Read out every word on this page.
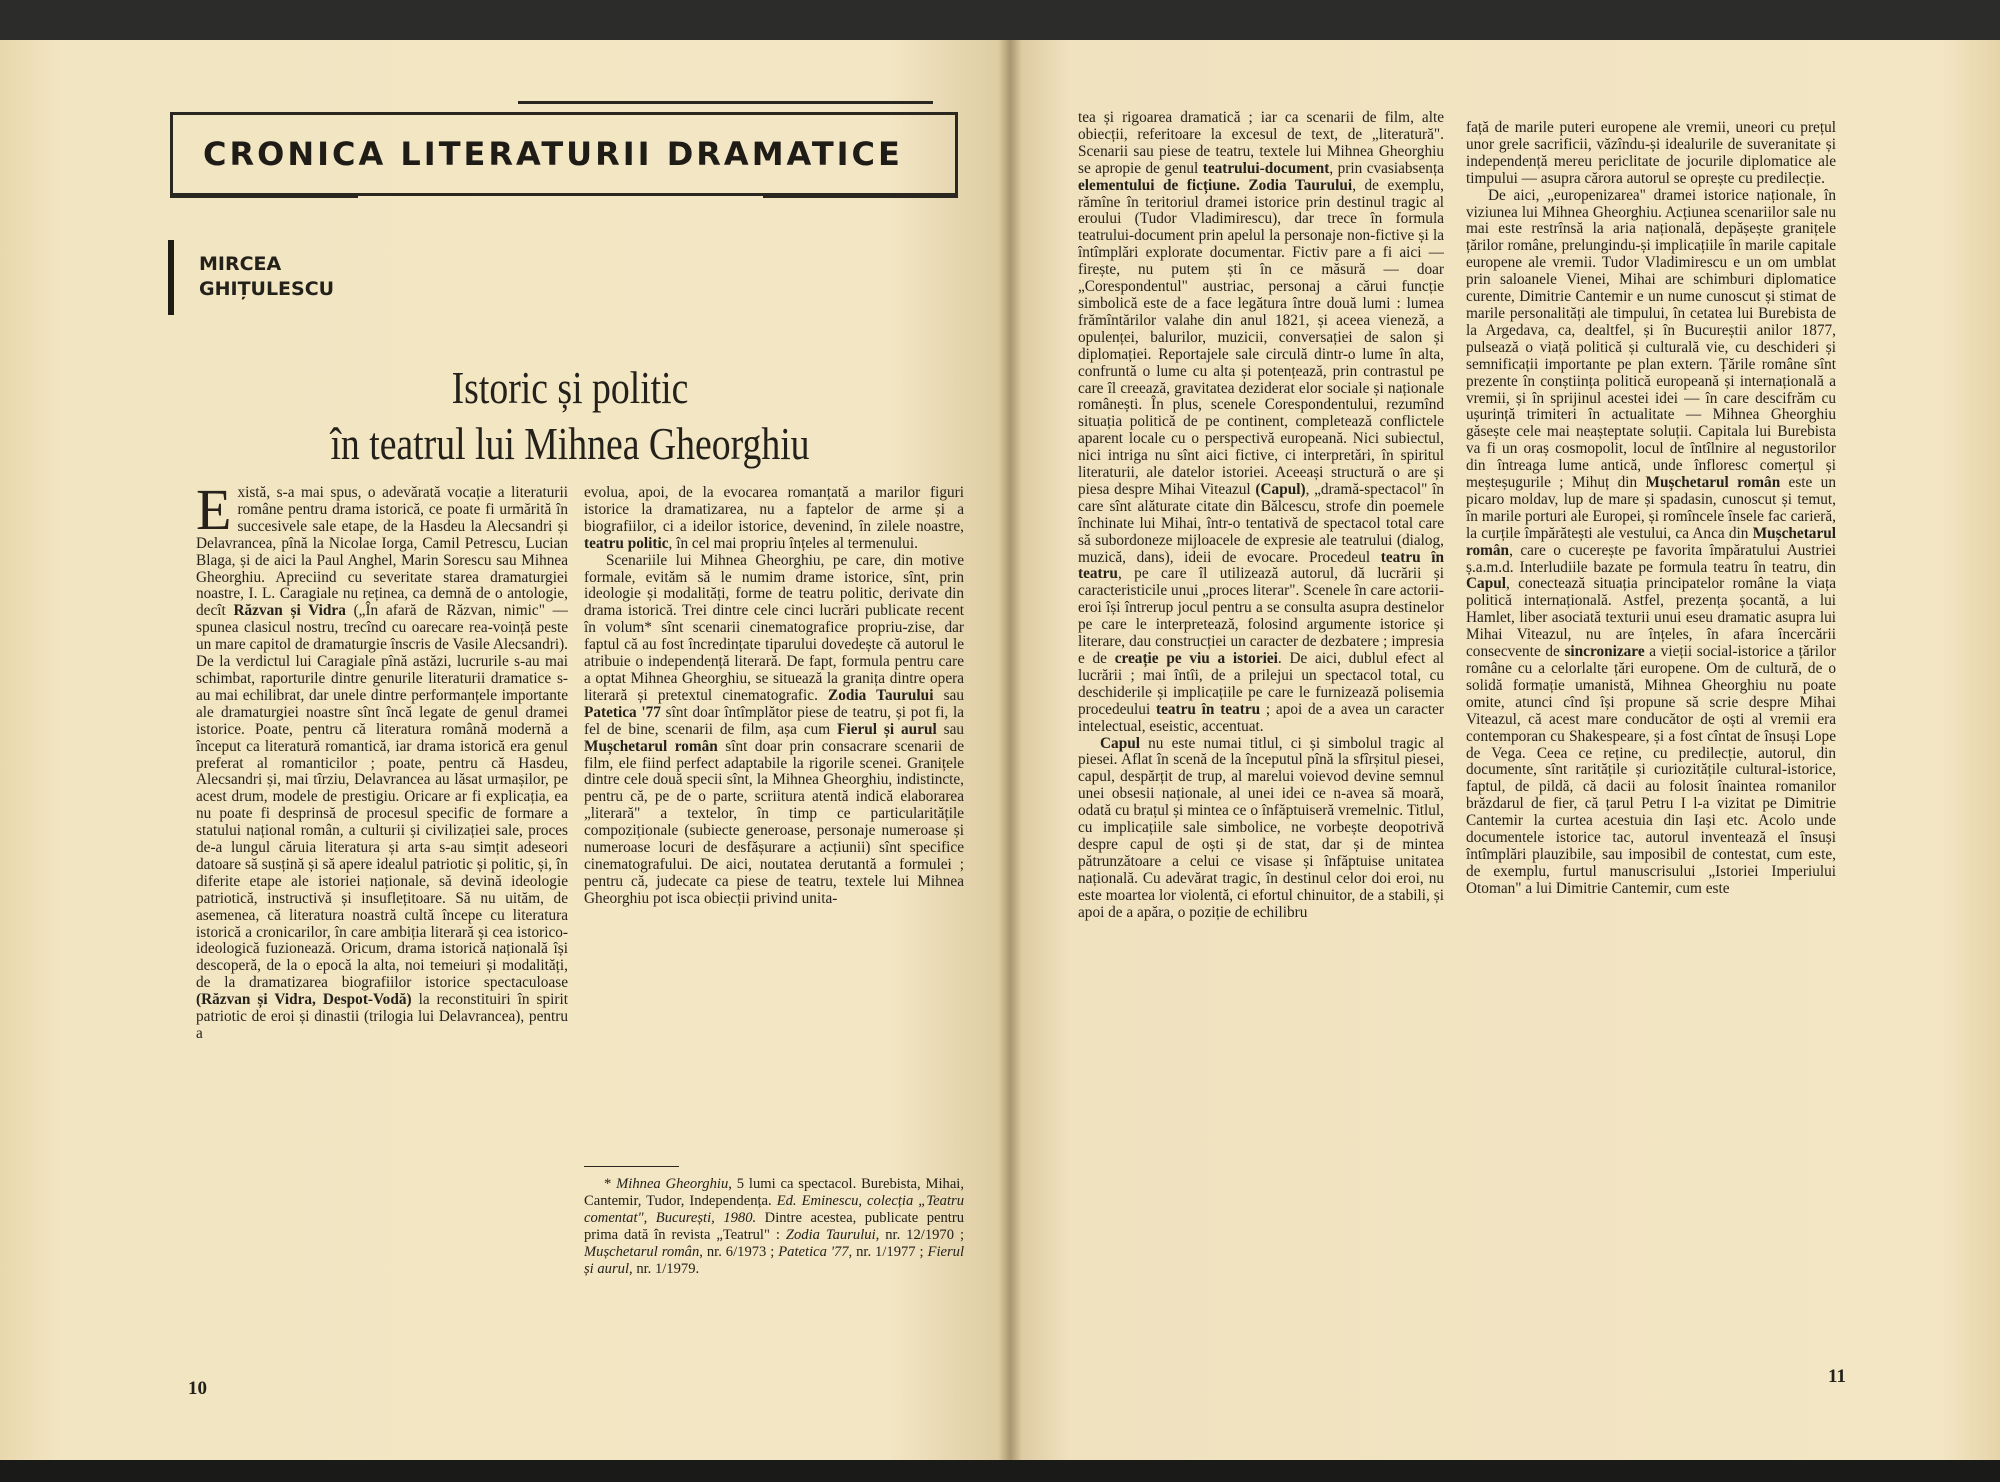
CRONICA LITERATURII DRAMATICE
MIRCEA
GHIȚULESCU
Istoric și politic
în teatrul lui Mihnea Gheorghiu

Există, s-a mai spus, o adevărată vocație a literaturii române pentru drama istorică, ce poate fi urmărită în succesivele sale etape, de la Hasdeu la Alecsandri și Delavrancea, pînă la Nicolae Iorga, Camil Petrescu, Lucian Blaga, și de aici la Paul Anghel, Marin Sorescu sau Mihnea Gheorghiu. Apreciind cu severitate starea dramaturgiei noastre, I. L. Caragiale nu reținea, ca demnă de o antologie, decît Răzvan și Vidra („În afară de Răzvan, nimic" — spunea clasicul nostru, trecînd cu oarecare rea-voință peste un mare capitol de dramaturgie înscris de Vasile Alecsandri). De la verdictul lui Caragiale pînă astăzi, lucrurile s-au mai schimbat, raporturile dintre genurile literaturii dramatice s-au mai echilibrat, dar unele dintre performanțele importante ale dramaturgiei noastre sînt încă legate de genul dramei istorice. Poate, pentru că literatura română modernă a început ca literatură romantică, iar drama istorică era genul preferat al romanticilor ; poate, pentru că Hasdeu, Alecsandri și, mai tîrziu, Delavrancea au lăsat urmașilor, pe acest drum, modele de prestigiu. Oricare ar fi explicația, ea nu poate fi desprinsă de procesul specific de formare a statului național român, a culturii și civilizației sale, proces de-a lungul căruia literatura și arta s-au simțit adeseori datoare să susțină și să apere idealul patriotic și politic, și, în diferite etape ale istoriei naționale, să devină ideologie patriotică, instructivă și insuflețitoare. Să nu uităm, de asemenea, că literatura noastră cultă începe cu literatura istorică a cronicarilor, în care ambiția literară și cea istorico-ideologică fuzionează. Oricum, drama istorică națională își descoperă, de la o epocă la alta, noi temeiuri și modalități, de la dramatizarea biografiilor istorice spectaculoase (Răzvan și Vidra, Despot-Vodă) la reconstituiri în spirit patriotic de eroi și dinastii (trilogia lui Delavrancea), pentru a

evolua, apoi, de la evocarea romanțată a marilor figuri istorice la dramatizarea, nu a faptelor de arme și a biografiilor, ci a ideilor istorice, devenind, în zilele noastre, teatru politic, în cel mai propriu înțeles al termenului.

Scenariile lui Mihnea Gheorghiu, pe care, din motive formale, evităm să le numim drame istorice, sînt, prin ideologie și modalități, forme de teatru politic, derivate din drama istorică. Trei dintre cele cinci lucrări publicate recent în volum* sînt scenarii cinematografice propriu-zise, dar faptul că au fost încredințate tiparului dovedește că autorul le atribuie o independență literară. De fapt, formula pentru care a optat Mihnea Gheorghiu, se situează la granița dintre opera literară și pretextul cinematografic. Zodia Taurului sau Patetica '77 sînt doar întîmplător piese de teatru, și pot fi, la fel de bine, scenarii de film, așa cum Fierul și aurul sau Mușchetarul român sînt doar prin consacrare scenarii de film, ele fiind perfect adaptabile la rigorile scenei. Granițele dintre cele două specii sînt, la Mihnea Gheorghiu, indistincte, pentru că, pe de o parte, scriitura atentă indică elaborarea „literară" a textelor, în timp ce particularitățile compoziționale (subiecte generoase, personaje numeroase și numeroase locuri de desfășurare a acțiunii) sînt specifice cinematografului. De aici, noutatea derutantă a formulei ; pentru că, judecate ca piese de teatru, textele lui Mihnea Gheorghiu pot isca obiecții privind unita-

* Mihnea Gheorghiu, 5 lumi ca spectacol. Burebista, Mihai, Cantemir, Tudor, Independența. Ed. Eminescu, colecția „Teatru comentat", București, 1980. Dintre acestea, publicate pentru prima dată în revista „Teatrul" : Zodia Taurului, nr. 12/1970 ; Mușchetarul român, nr. 6/1973 ; Patetica '77, nr. 1/1977 ; Fierul și aurul, nr. 1/1979.

tea și rigoarea dramatică ; iar ca scenarii de film, alte obiecții, referitoare la excesul de text, de „literatură". Scenarii sau piese de teatru, textele lui Mihnea Gheorghiu se apropie de genul teatrului-document, prin cvasiabsența elementului de ficțiune. Zodia Taurului, de exemplu, rămîne în teritoriul dramei istorice prin destinul tragic al eroului (Tudor Vladimirescu), dar trece în formula teatrului-document prin apelul la personaje non-fictive și la întîmplări explorate documentar. Fictiv pare a fi aici — firește, nu putem ști în ce măsură — doar „Corespondentul" austriac, personaj a cărui funcție simbolică este de a face legătura între două lumi : lumea frămîntărilor valahe din anul 1821, și aceea vieneză, a opulenței, balurilor, muzicii, conversației de salon și diplomației. Reportajele sale circulă dintr-o lume în alta, confruntă o lume cu alta și potențează, prin contrastul pe care îl creează, gravitatea deziderat elor sociale și naționale românești. În plus, scenele Corespondentului, rezumînd situația politică de pe continent, completează conflictele aparent locale cu o perspectivă europeană. Nici subiectul, nici intriga nu sînt aici fictive, ci interpretări, în spiritul literaturii, ale datelor istoriei. Aceeași structură o are și piesa despre Mihai Viteazul (Capul), „dramă-spectacol" în care sînt alăturate citate din Bălcescu, strofe din poemele închinate lui Mihai, într-o tentativă de spectacol total care să subordoneze mijloacele de expresie ale teatrului (dialog, muzică, dans), ideii de evocare. Procedeul teatru în teatru, pe care îl utilizează autorul, dă lucrării și caracteristicile unui „proces literar". Scenele în care actorii-eroi își întrerup jocul pentru a se consulta asupra destinelor pe care le interpretează, folosind argumente istorice și literare, dau construcției un caracter de dezbatere ; impresia e de creație pe viu a istoriei. De aici, dublul efect al lucrării ; mai întîi, de a prilejui un spectacol total, cu deschiderile și implicațiile pe care le furnizează polisemia procedeului teatru în teatru ; apoi de a avea un caracter intelectual, eseistic, accentuat.

Capul nu este numai titlul, ci și simbolul tragic al piesei. Aflat în scenă de la începutul pînă la sfîrșitul piesei, capul, despărțit de trup, al marelui voievod devine semnul unei obsesii naționale, al unei idei ce n-avea să moară, odată cu brațul și mintea ce o înfăptuiseră vremelnic. Titlul, cu implicațiile sale simbolice, ne vorbește deopotrivă despre capul de oști și de stat, dar și de mintea pătrunzătoare a celui ce visase și înfăptuise unitatea națională. Cu adevărat tragic, în destinul celor doi eroi, nu este moartea lor violentă, ci efortul chinuitor, de a stabili, și apoi de a apăra, o poziție de echilibru

față de marile puteri europene ale vremii, uneori cu prețul unor grele sacrificii, văzîndu-și idealurile de suveranitate și independență mereu periclitate de jocurile diplomatice ale timpului — asupra cărora autorul se oprește cu predilecție.

De aici, „europenizarea" dramei istorice naționale, în viziunea lui Mihnea Gheorghiu. Acțiunea scenariilor sale nu mai este restrînsă la aria națională, depășește granițele țărilor române, prelungindu-și implicațiile în marile capitale europene ale vremii. Tudor Vladimirescu e un om umblat prin saloanele Vienei, Mihai are schimburi diplomatice curente, Dimitrie Cantemir e un nume cunoscut și stimat de marile personalități ale timpului, în cetatea lui Burebista de la Argedava, ca, dealtfel, și în Bucureștii anilor 1877, pulsează o viață politică și culturală vie, cu deschideri și semnificații importante pe plan extern. Țările române sînt prezente în conștiința politică europeană și internațională a vremii, și în sprijinul acestei idei — în care descifrăm cu ușurință trimiteri în actualitate — Mihnea Gheorghiu găsește cele mai neașteptate soluții. Capitala lui Burebista va fi un oraș cosmopolit, locul de întîlnire al negustorilor din întreaga lume antică, unde înfloresc comerțul și meșteșugurile ; Mihuț din Mușchetarul român este un picaro moldav, lup de mare și spadasin, cunoscut și temut, în marile porturi ale Europei, și romîncele însele fac carieră, la curțile împărătești ale vestului, ca Anca din Mușchetarul român, care o cucerește pe favorita împăratului Austriei ș.a.m.d. Interludiile bazate pe formula teatru în teatru, din Capul, conectează situația principatelor române la viața politică internațională. Astfel, prezența șocantă, a lui Hamlet, liber asociată texturii unui eseu dramatic asupra lui Mihai Viteazul, nu are înțeles, în afara încercării consecvente de sincronizare a vieții social-istorice a țărilor române cu a celorlalte țări europene. Om de cultură, de o solidă formație umanistă, Mihnea Gheorghiu nu poate omite, atunci cînd își propune să scrie despre Mihai Viteazul, că acest mare conducător de oști al vremii era contemporan cu Shakespeare, și a fost cîntat de însuși Lope de Vega. Ceea ce reține, cu predilecție, autorul, din documente, sînt raritățile și curiozitățile cultural-istorice, faptul, de pildă, că dacii au folosit înaintea romanilor brăzdarul de fier, că țarul Petru I l-a vizitat pe Dimitrie Cantemir la curtea acestuia din Iași etc. Acolo unde documentele istorice tac, autorul inventează el însuși întîmplări plauzibile, sau imposibil de contestat, cum este, de exemplu, furtul manuscrisului „Istoriei Imperiului Otoman" a lui Dimitrie Cantemir, cum este

10
11
